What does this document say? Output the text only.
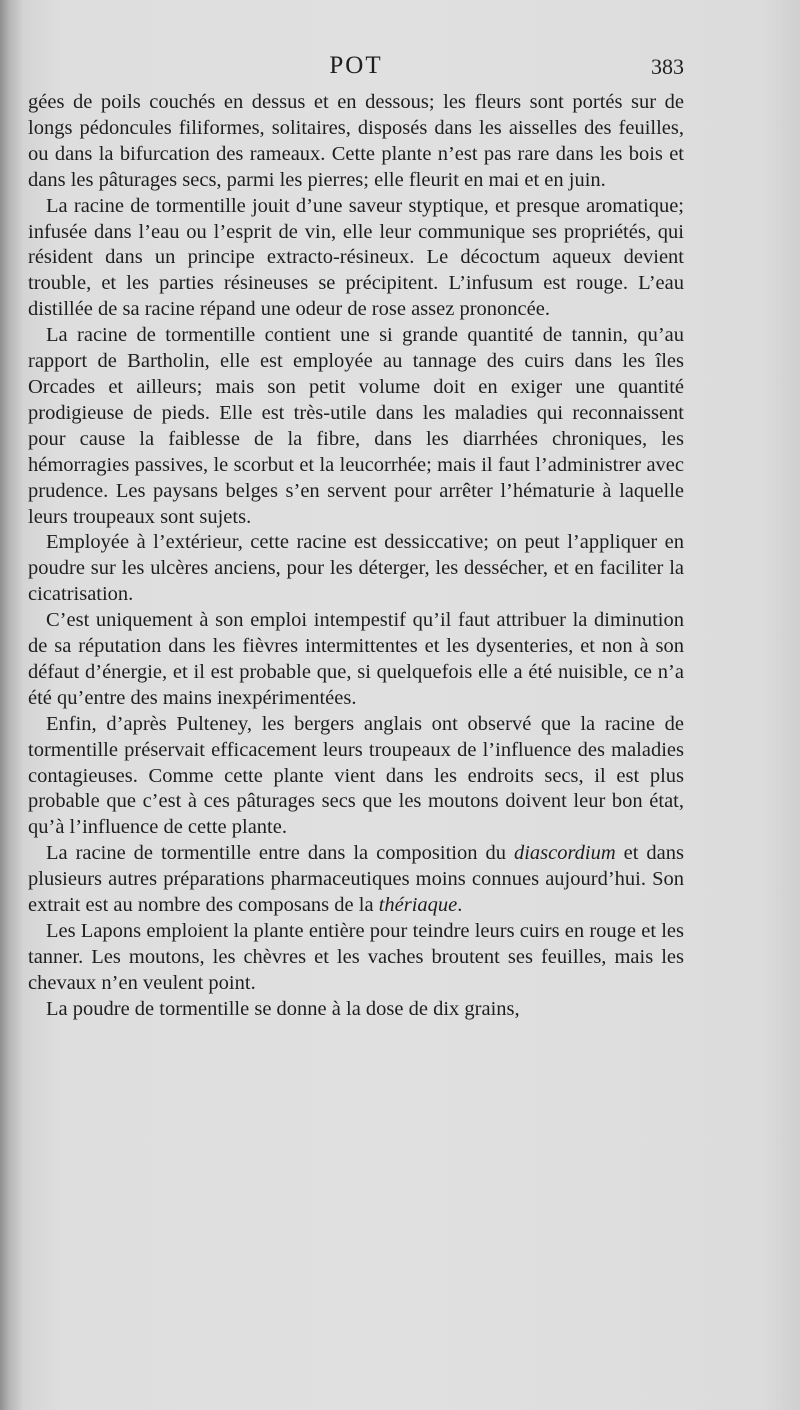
POT	383

gées de poils couchés en dessus et en dessous; les fleurs sont portés sur de longs pédoncules filiformes, solitaires, disposés dans les aisselles des feuilles, ou dans la bifurcation des rameaux. Cette plante n’est pas rare dans les bois et dans les pâturages secs, parmi les pierres; elle fleurit en mai et en juin.

La racine de tormentille jouit d’une saveur styptique, et presque aromatique; infusée dans l’eau ou l’esprit de vin, elle leur communique ses propriétés, qui résident dans un principe extracto-résineux. Le décoctum aqueux devient trouble, et les parties résineuses se précipitent. L’infusum est rouge. L’eau distillée de sa racine répand une odeur de rose assez prononcée.

La racine de tormentille contient une si grande quantité de tannin, qu’au rapport de Bartholin, elle est employée au tannage des cuirs dans les îles Orcades et ailleurs; mais son petit volume doit en exiger une quantité prodigieuse de pieds. Elle est très-utile dans les maladies qui reconnaissent pour cause la faiblesse de la fibre, dans les diarrhées chroniques, les hémorragies passives, le scorbut et la leucorrhée; mais il faut l’administrer avec prudence. Les paysans belges s’en servent pour arrêter l’hématurie à laquelle leurs troupeaux sont sujets.

Employée à l’extérieur, cette racine est dessiccative; on peut l’appliquer en poudre sur les ulcères anciens, pour les déterger, les dessécher, et en faciliter la cicatrisation.

C’est uniquement à son emploi intempestif qu’il faut attribuer la diminution de sa réputation dans les fièvres intermittentes et les dysenteries, et non à son défaut d’énergie, et il est probable que, si quelquefois elle a été nuisible, ce n’a été qu’entre des mains inexpérimentées.

Enfin, d’après Pulteney, les bergers anglais ont observé que la racine de tormentille préservait efficacement leurs troupeaux de l’influence des maladies contagieuses. Comme cette plante vient dans les endroits secs, il est plus probable que c’est à ces pâturages secs que les moutons doivent leur bon état, qu’à l’influence de cette plante.

La racine de tormentille entre dans la composition du diascordium et dans plusieurs autres préparations pharmaceutiques moins connues aujourd’hui. Son extrait est au nombre des composans de la thériaque.

Les Lapons emploient la plante entière pour teindre leurs cuirs en rouge et les tanner. Les moutons, les chèvres et les vaches broutent ses feuilles, mais les chevaux n’en veulent point.

La poudre de tormentille se donne à la dose de dix grains,
